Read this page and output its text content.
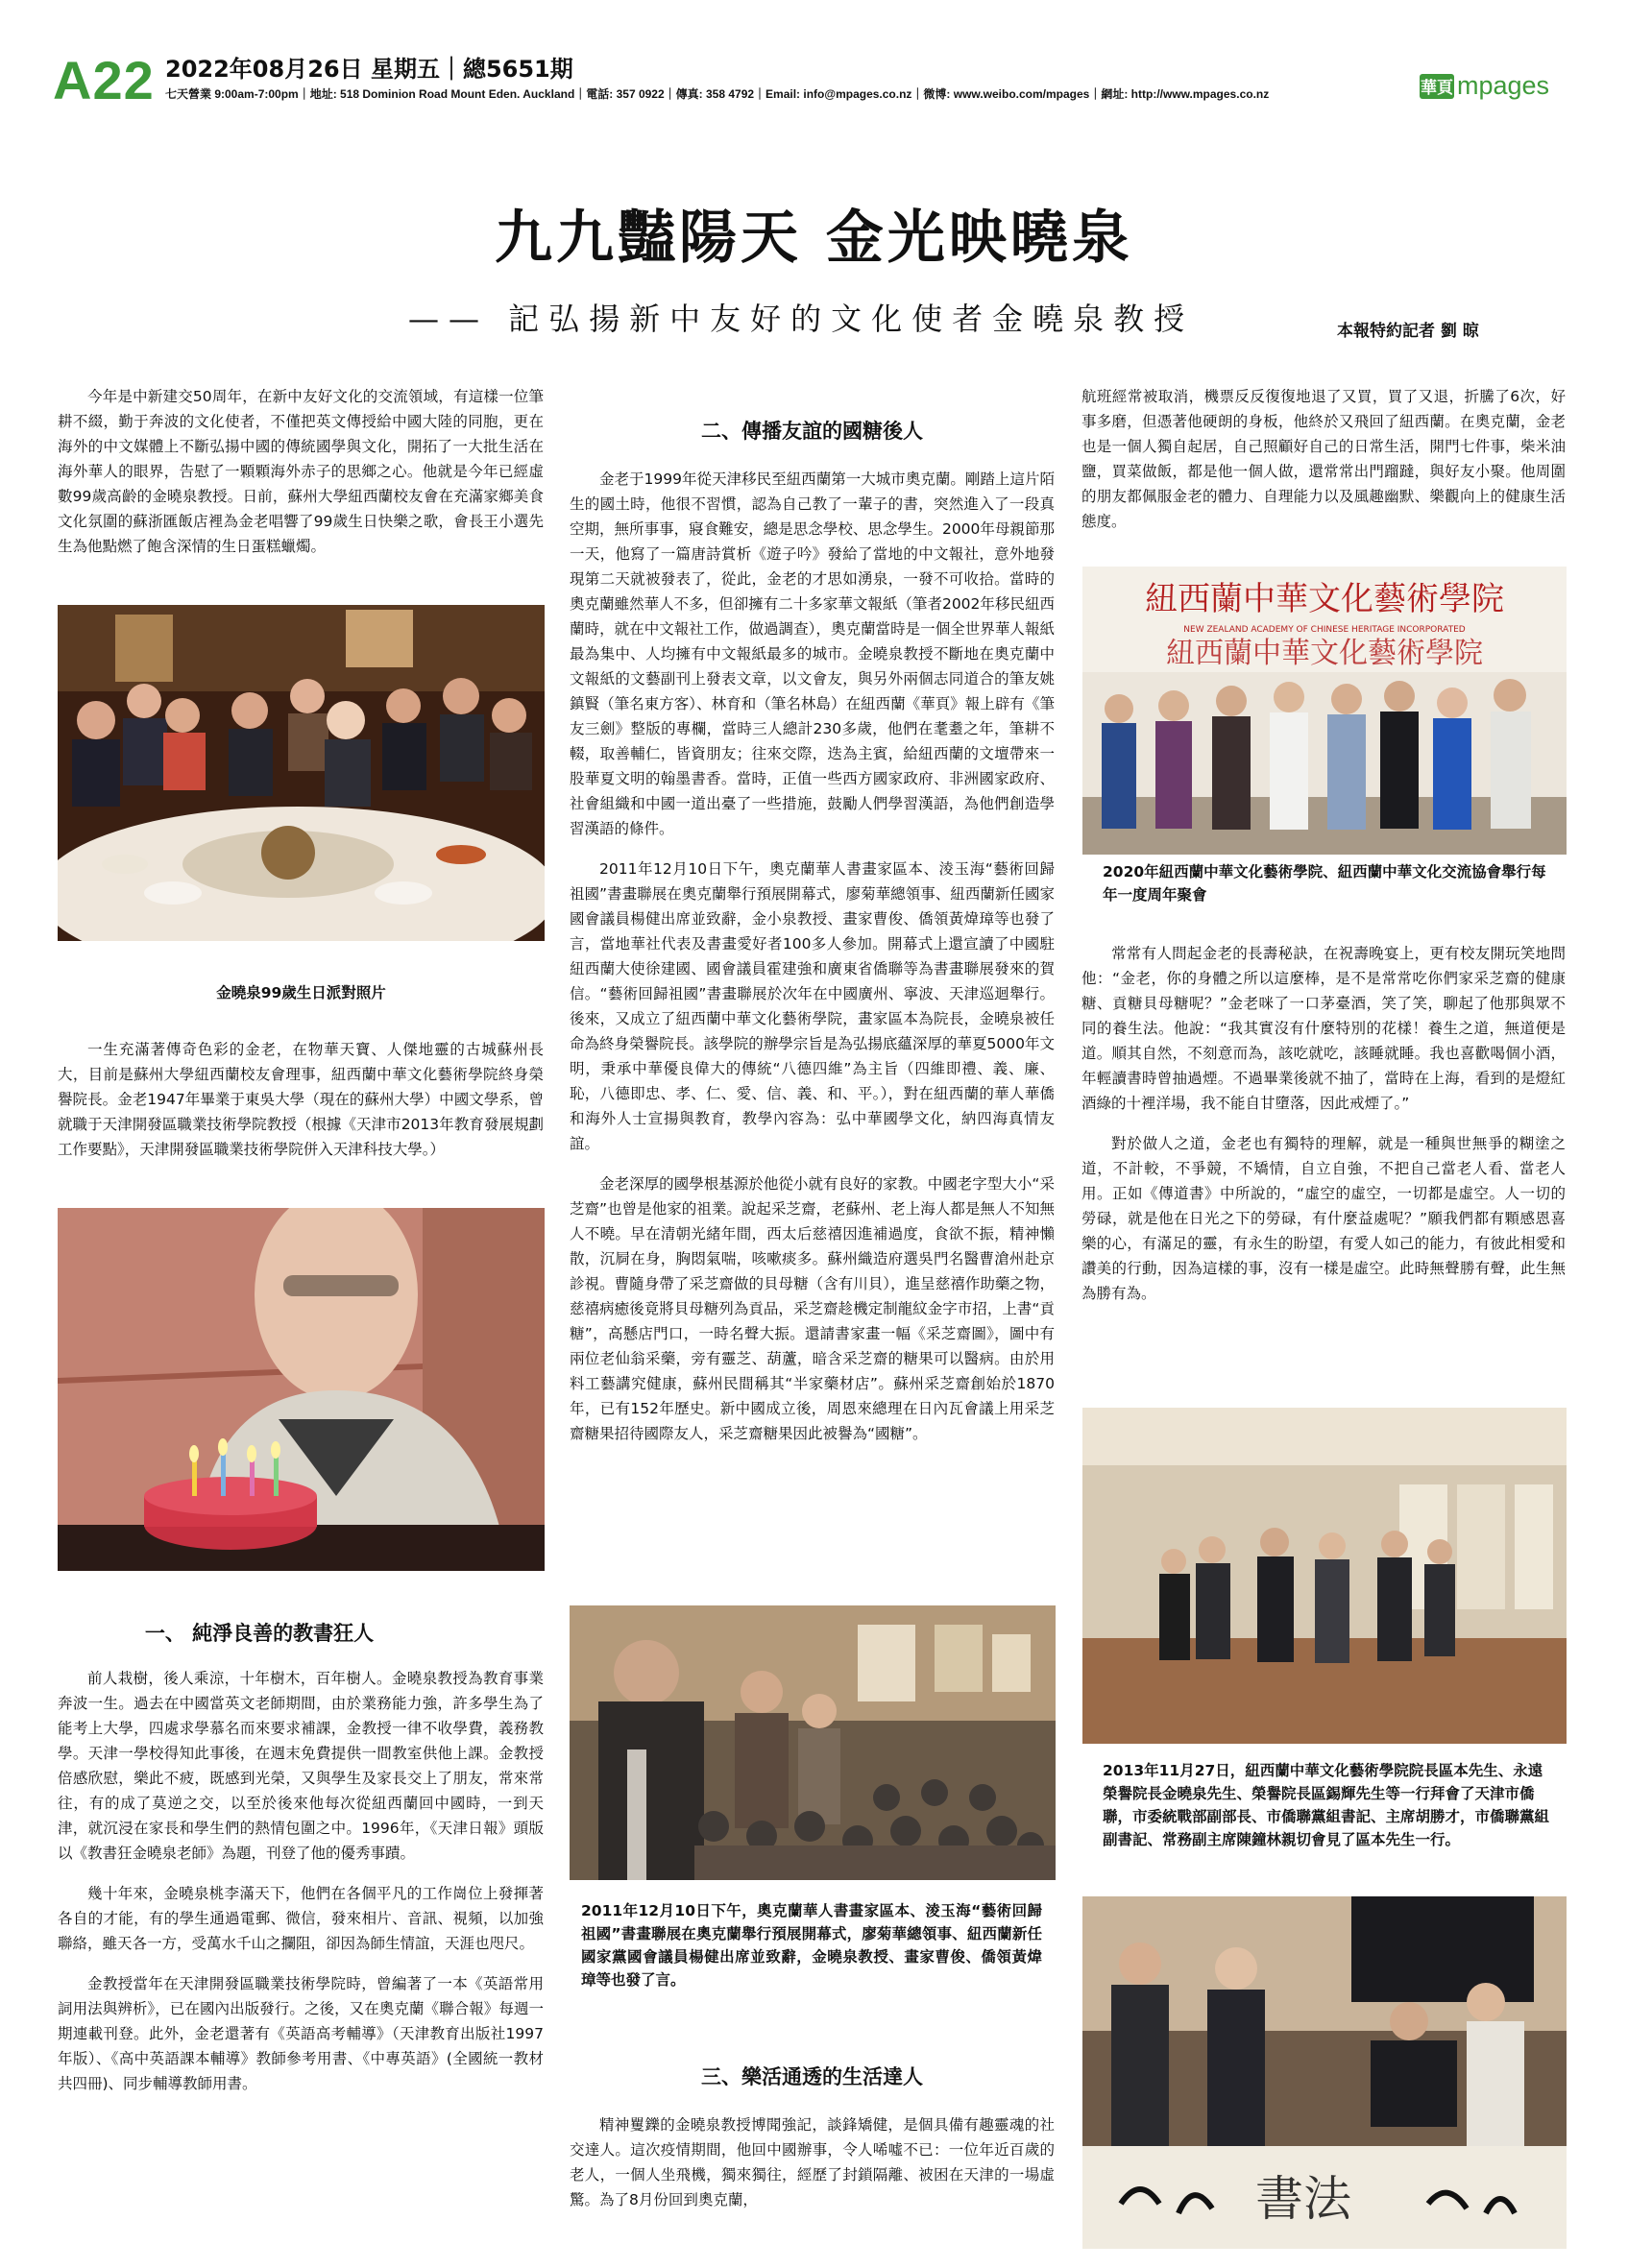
A22 2022年08月26日 星期五｜總5651期
七天營業 9:00am-7:00pm｜地址: 518 Dominion Road Mount Eden. Auckland｜電話: 357 0922｜傳真: 358 4792｜Email: info@mpages.co.nz｜微博: www.weibo.com/mpages｜網址: http://www.mpages.co.nz	華頁 mpages
九九豔陽天 金光映曉泉
—— 記弘揚新中友好的文化使者金曉泉教授	本報特約記者 劉 晾

今年是中新建交50周年，在新中友好文化的交流領域，有這樣一位筆耕不綴，勤于奔波的文化使者，不僅把英文傳授給中國大陸的同胞，更在海外的中文媒體上不斷弘揚中國的傳統國學與文化，開拓了一大批生活在海外華人的眼界，告慰了一顆顆海外赤子的思鄉之心。他就是今年已經虛數99歲高齡的金曉泉教授。日前，蘇州大學紐西蘭校友會在充滿家鄉美食文化氛圍的蘇浙匯飯店裡為金老唱響了99歲生日快樂之歌，會長王小選先生為他點燃了飽含深情的生日蛋糕蠟燭。

金曉泉99歲生日派對照片

一生充滿著傳奇色彩的金老，在物華天寶、人傑地靈的古城蘇州長大，目前是蘇州大學紐西蘭校友會理事，紐西蘭中華文化藝術學院終身榮譽院長。金老1947年畢業于東吳大學（現在的蘇州大學）中國文學系，曾就職于天津開發區職業技術學院教授（根據《天津市2013年教育發展規劃工作要點》，天津開發區職業技術學院併入天津科技大學。）

一、 純淨良善的教書狂人

前人栽樹，後人乘涼，十年樹木，百年樹人。金曉泉教授為教育事業奔波一生。過去在中國當英文老師期間，由於業務能力強，許多學生為了能考上大學，四處求學慕名而來要求補課，金教授一律不收學費，義務教學。天津一學校得知此事後，在週末免費提供一間教室供他上課。金教授倍感欣慰，樂此不疲，既感到光榮，又與學生及家長交上了朋友，常來常往，有的成了莫逆之交，以至於後來他每次從紐西蘭回中國時，一到天津，就沉浸在家長和學生們的熱情包圍之中。1996年，《天津日報》頭版以《教書狂金曉泉老師》為題，刊登了他的優秀事蹟。

幾十年來，金曉泉桃李滿天下，他們在各個平凡的工作崗位上發揮著各自的才能，有的學生通過電郵、微信，發來相片、音訊、視頻，以加強聯絡，雖天各一方，受萬水千山之攔阻，卻因為師生情誼，天涯也咫尺。

金教授當年在天津開發區職業技術學院時，曾編著了一本《英語常用詞用法與辨析》，已在國內出版發行。之後，又在奧克蘭《聯合報》每週一期連載刊登。此外，金老還著有《英語高考輔導》（天津教育出版社1997年版）、《高中英語課本輔導》教師參考用書、《中專英語》(全國統一教材共四冊)、同步輔導教師用書。

二、傳播友誼的國糖後人

金老于1999年從天津移民至紐西蘭第一大城市奧克蘭。剛踏上這片陌生的國土時，他很不習慣，認為自己教了一輩子的書，突然進入了一段真空期，無所事事，寢食難安，總是思念學校、思念學生。2000年母親節那一天，他寫了一篇唐詩賞析《遊子吟》發給了當地的中文報社，意外地發現第二天就被發表了，從此，金老的才思如湧泉，一發不可收拾。當時的奧克蘭雖然華人不多，但卻擁有二十多家華文報紙（筆者2002年移民紐西蘭時，就在中文報社工作，做過調查），奧克蘭當時是一個全世界華人報紙最為集中、人均擁有中文報紙最多的城市。金曉泉教授不斷地在奧克蘭中文報紙的文藝副刊上發表文章，以文會友，與另外兩個志同道合的筆友姚鎮賢（筆名東方客）、林育和（筆名林島）在紐西蘭《華頁》報上辟有《筆友三劍》整版的專欄，當時三人總計230多歲，他們在耄耋之年，筆耕不輟，取善輔仁，皆資朋友；往來交際，迭為主賓，給紐西蘭的文壇帶來一股華夏文明的翰墨書香。當時，正值一些西方國家政府、非洲國家政府、社會組織和中國一道出臺了一些措施，鼓勵人們學習漢語，為他們創造學習漢語的條件。

2011年12月10日下午，奧克蘭華人書畫家區本、淩玉海“藝術回歸祖國”書畫聯展在奧克蘭舉行預展開幕式，廖菊華總領事、紐西蘭新任國家 國會議員楊健出席並致辭，金小泉教授、畫家曹俊、僑領黃煒璋等也發了言，當地華社代表及書畫愛好者100多人參加。開幕式上還宣讀了中國駐紐西蘭大使徐建國、國會議員霍建強和廣東省僑聯等為書畫聯展發來的賀信。“藝術回歸祖國”書畫聯展於次年在中國廣州、寧波、天津巡迴舉行。後來，又成立了紐西蘭中華文化藝術學院，畫家區本為院長，金曉泉被任命為終身榮譽院長。該學院的辦學宗旨是為弘揚底蘊深厚的華夏5000年文明，秉承中華優良偉大的傳統“八德四維”為主旨（四維即禮、義、廉、恥，八德即忠、孝、仁、愛、信、義、和、平。），對在紐西蘭的華人華僑和海外人士宣揚與教育，教學內容為：弘中華國學文化，納四海真情友誼。

金老深厚的國學根基源於他從小就有良好的家教。中國老字型大小“采芝齋”也曾是他家的祖業。說起采芝齋，老蘇州、老上海人都是無人不知無人不曉。早在清朝光緒年間，西太后慈禧因進補過度，食欲不振，精神懶散，沉屙在身，胸悶氣喘，咳嗽痰多。蘇州織造府選吳門名醫曹滄州赴京診視。曹隨身帶了采芝齋做的貝母糖（含有川貝），進呈慈禧作助藥之物，慈禧病癒後竟將貝母糖列為貢品，采芝齋趁機定制龍紋金字市招，上書“貢糖”，高懸店門口，一時名聲大振。還請書家畫一幅《采芝齋圖》，圖中有兩位老仙翁采藥，旁有靈芝、葫蘆，暗含采芝齋的糖果可以醫病。由於用料工藝講究健康，蘇州民間稱其“半家藥材店”。蘇州采芝齋創始於1870年，已有152年歷史。新中國成立後，周恩來總理在日內瓦會議上用采芝齋糖果招待國際友人，采芝齋糖果因此被譽為“國糖”。

2011年12月10日下午，奧克蘭華人書畫家區本、淩玉海“藝術回歸祖國”書畫聯展在奧克蘭舉行預展開幕式，廖菊華總領事、紐西蘭新任國家黨國會議員楊健出席並致辭，金曉泉教授、畫家曹俊、僑領黃煒璋等也發了言。
三、樂活通透的生活達人

精神矍鑠的金曉泉教授博聞強記，談鋒矯健，是個具備有趣靈魂的社交達人。這次疫情期間，他回中國辦事，令人唏噓不已：一位年近百歲的老人，一個人坐飛機，獨來獨往，經歷了封鎖隔離、被困在天津的一場虛驚。為了8月份回到奧克蘭，

航班經常被取消，機票反反復復地退了又買，買了又退，折騰了6次，好事多磨，但憑著他硬朗的身板，他終於又飛回了紐西蘭。在奧克蘭，金老也是一個人獨自起居，自己照顧好自己的日常生活，開門七件事，柴米油鹽，買菜做飯，都是他一個人做，還常常出門蹓躂，與好友小聚。他周圍的朋友都佩服金老的體力、自理能力以及風趣幽默、樂觀向上的健康生活態度。

紐西蘭中華文化藝術學院
NEW ZEALAND ACADEMY OF CHINESE HERITAGE INCORPORATED
紐西蘭中華文化藝術學院
2020年紐西蘭中華文化藝術學院、紐西蘭中華文化交流協會舉行每年一度周年聚會

常常有人問起金老的長壽秘訣，在祝壽晚宴上，更有校友開玩笑地問他：“金老，你的身體之所以這麼棒，是不是常常吃你們家采芝齋的健康糖、貢糖貝母糖呢？”金老咪了一口茅臺酒，笑了笑，聊起了他那與眾不同的養生法。他說：“我其實沒有什麼特別的花樣！養生之道，無道便是道。順其自然，不刻意而為，該吃就吃，該睡就睡。我也喜歡喝個小酒，年輕讀書時曾抽過煙。不過畢業後就不抽了，當時在上海，看到的是燈紅酒綠的十裡洋場，我不能自甘墮落，因此戒煙了。”

對於做人之道，金老也有獨特的理解，就是一種與世無爭的糊塗之道，不計較，不爭競，不矯情，自立自強，不把自己當老人看、當老人用。正如《傳道書》中所說的，“虛空的虛空，一切都是虛空。人一切的勞碌，就是他在日光之下的勞碌，有什麼益處呢？”願我們都有顆感恩喜樂的心，有滿足的靈，有永生的盼望，有愛人如己的能力，有彼此相愛和讚美的行動，因為這樣的事，沒有一樣是虛空。此時無聲勝有聲，此生無為勝有為。

2013年11月27日，紐西蘭中華文化藝術學院院長區本先生、永遠榮譽院長金曉泉先生、榮譽院長區錫輝先生等一行拜會了天津市僑聯，市委統戰部副部長、市僑聯黨組書記、主席胡勝才，市僑聯黨組副書記、常務副主席陳鐘林親切會見了區本先生一行。
書法
